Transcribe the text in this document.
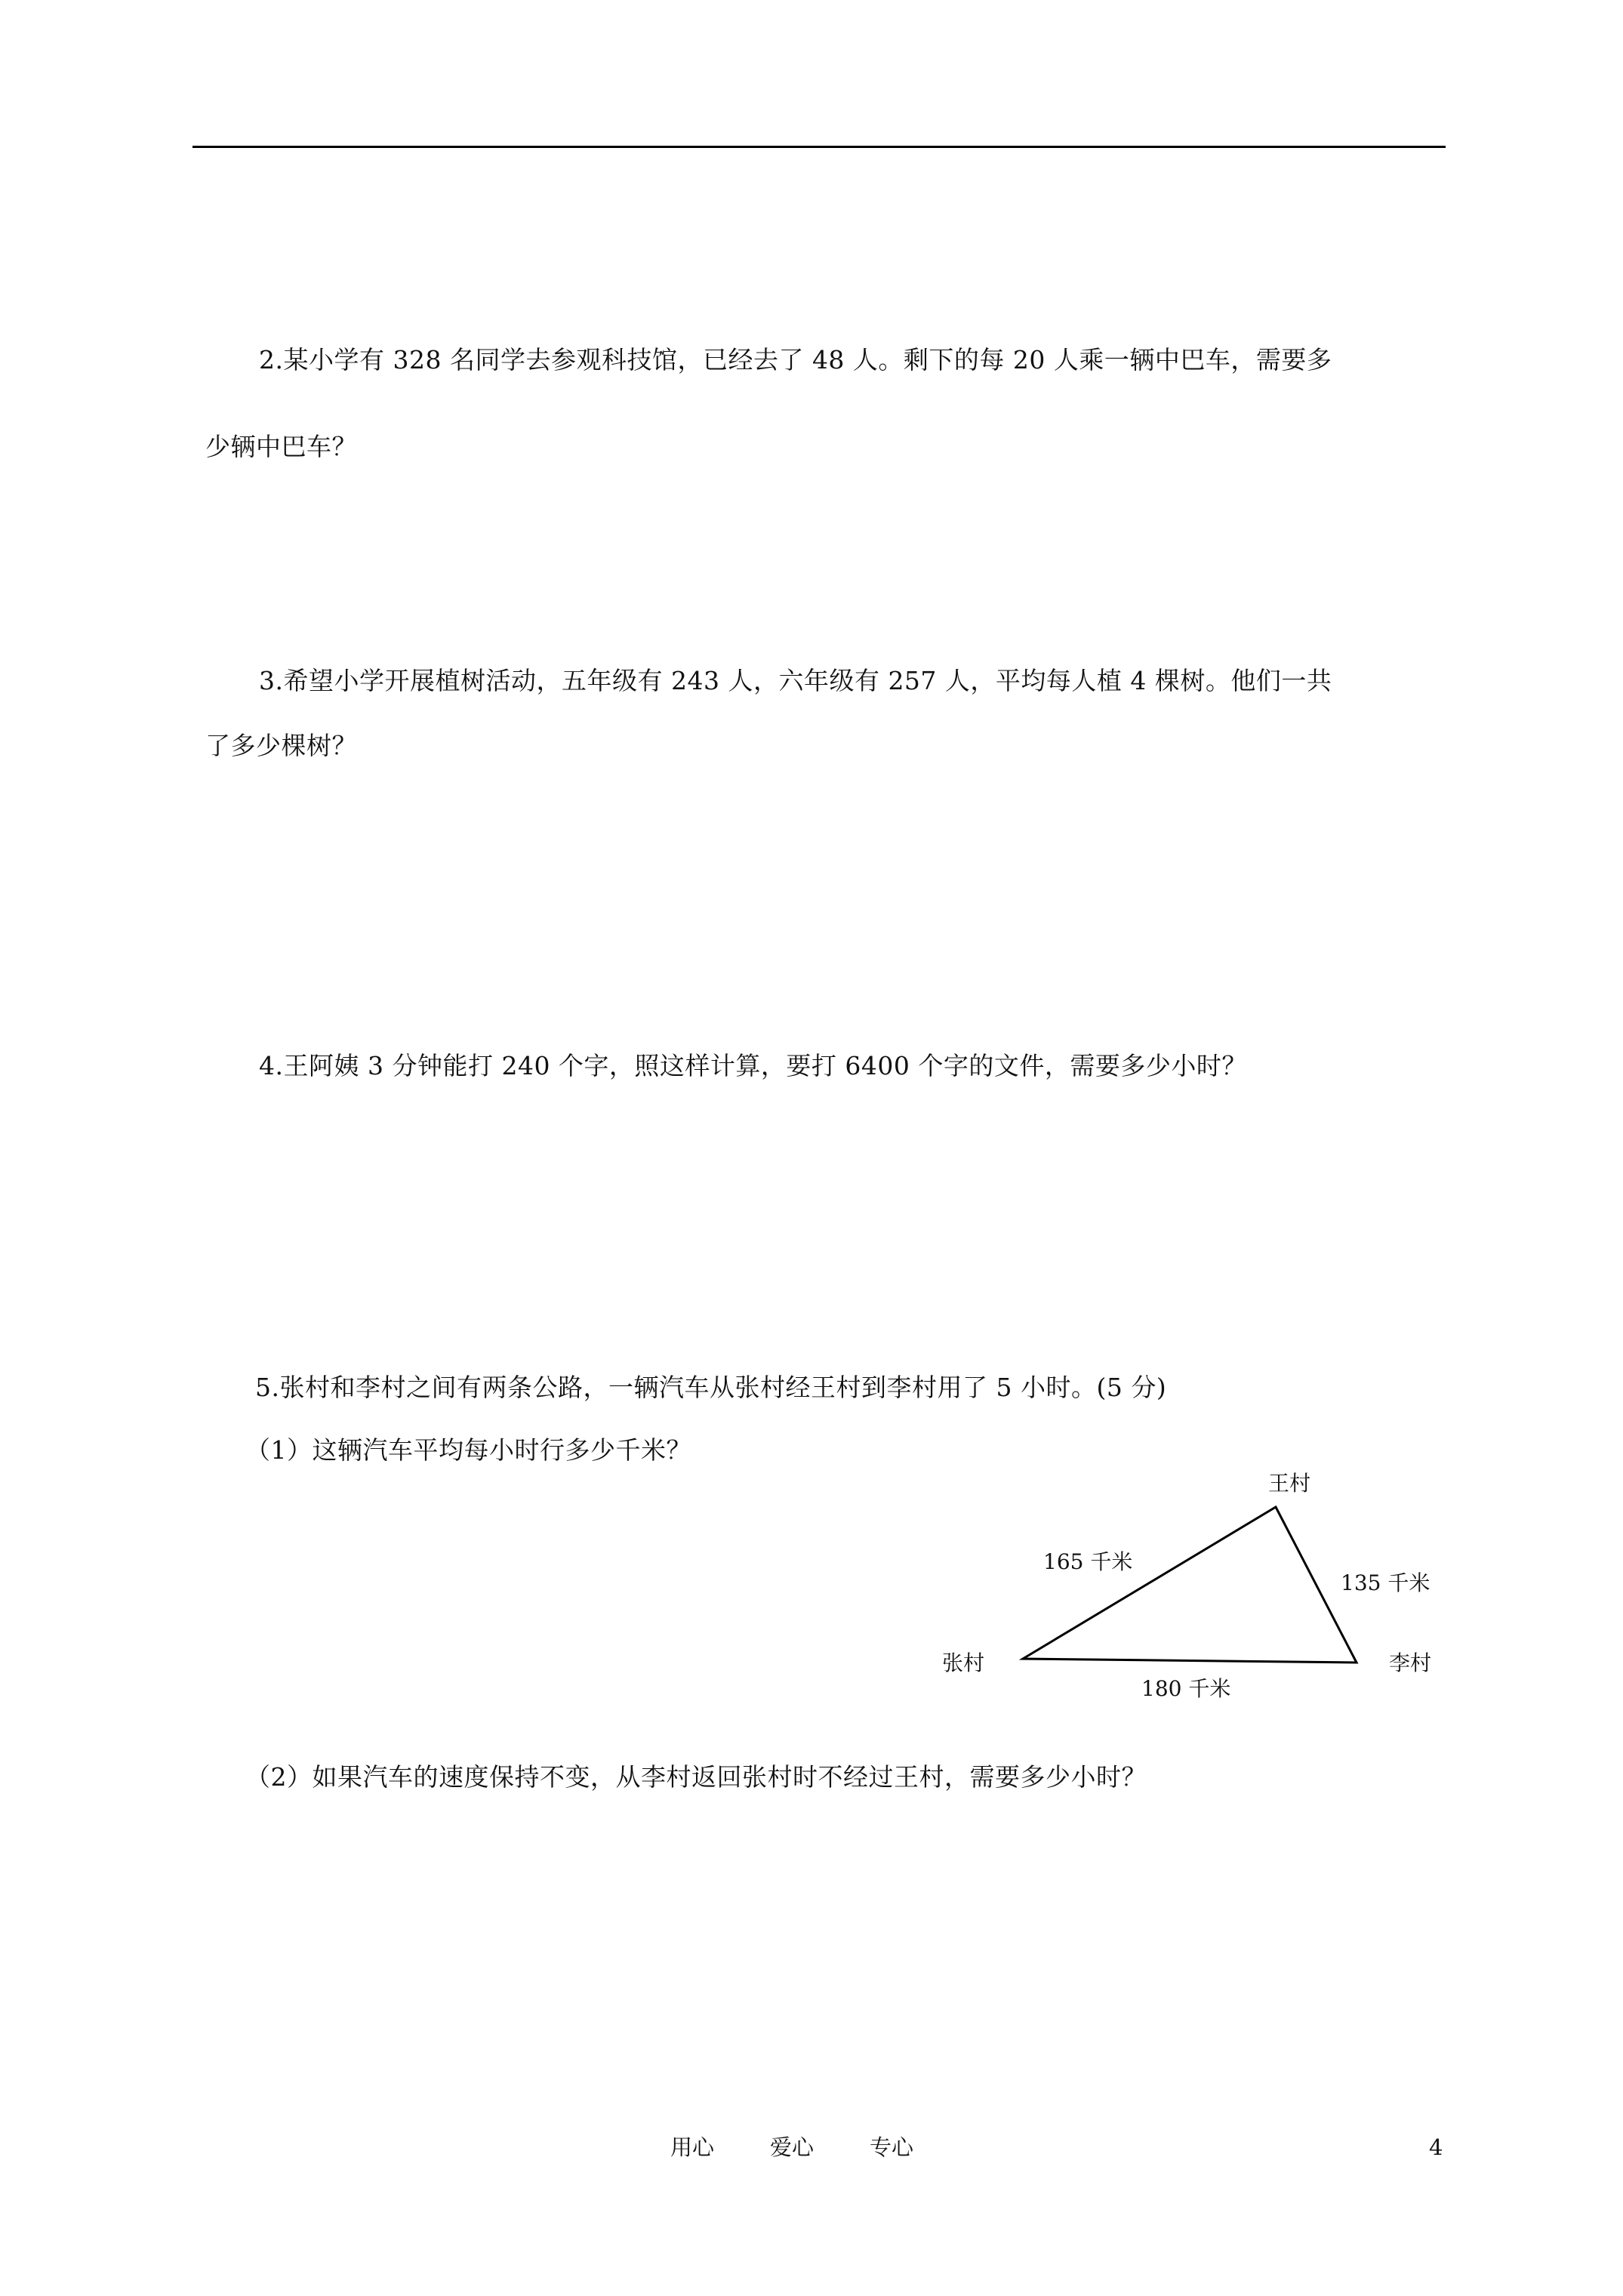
2.某小学有 328 名同学去参观科技馆，已经去了 48 人。剩下的每 20 人乘一辆中巴车，需要多
少辆中巴车？
3.希望小学开展植树活动，五年级有 243 人，六年级有 257 人，平均每人植 4 棵树。他们一共
了多少棵树？
4.王阿姨 3 分钟能打 240 个字，照这样计算，要打 6400 个字的文件，需要多少小时？
5.张村和李村之间有两条公路，一辆汽车从张村经王村到李村用了 5 小时。(5 分)
（1）这辆汽车平均每小时行多少千米？
王村
张村	李村
165 千米
135 千米
180 千米
（2）如果汽车的速度保持不变，从李村返回张村时不经过王村，需要多少小时？
用心	爱心	专心	4
